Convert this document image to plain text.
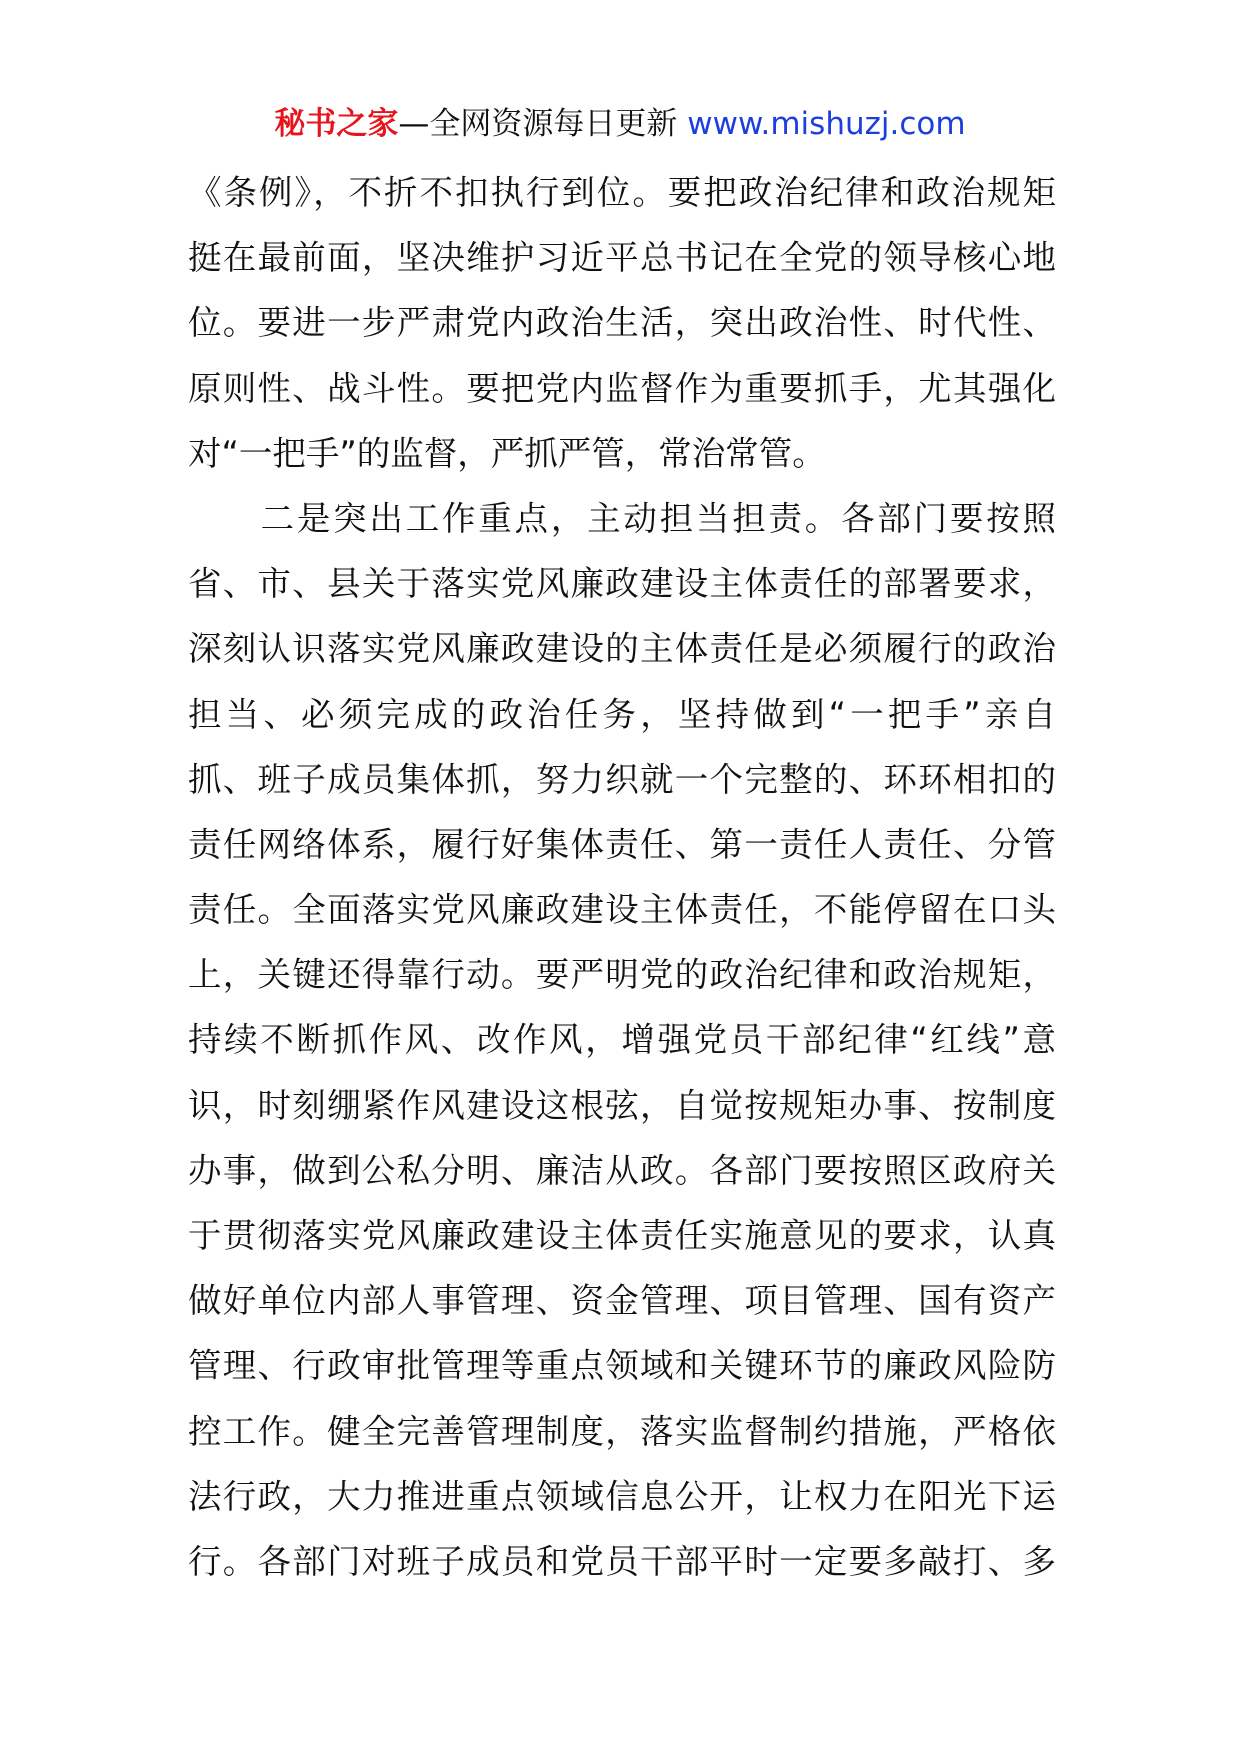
秘书之家—全网资源每日更新 www.mishuzj.com
《条例》，不折不扣执行到位。要把政治纪律和政治规矩
挺在最前面，坚决维护习近平总书记在全党的领导核心地
位。要进一步严肃党内政治生活，突出政治性、时代性、
原则性、战斗性。要把党内监督作为重要抓手，尤其强化
对“一把手”的监督，严抓严管，常治常管。
　　二是突出工作重点，主动担当担责。各部门要按照
省、市、县关于落实党风廉政建设主体责任的部署要求，
深刻认识落实党风廉政建设的主体责任是必须履行的政治
担当、必须完成的政治任务，坚持做到“一把手”亲自
抓、班子成员集体抓，努力织就一个完整的、环环相扣的
责任网络体系，履行好集体责任、第一责任人责任、分管
责任。全面落实党风廉政建设主体责任，不能停留在口头
上，关键还得靠行动。要严明党的政治纪律和政治规矩，
持续不断抓作风、改作风，增强党员干部纪律“红线”意
识，时刻绷紧作风建设这根弦，自觉按规矩办事、按制度
办事，做到公私分明、廉洁从政。各部门要按照区政府关
于贯彻落实党风廉政建设主体责任实施意见的要求，认真
做好单位内部人事管理、资金管理、项目管理、国有资产
管理、行政审批管理等重点领域和关键环节的廉政风险防
控工作。健全完善管理制度，落实监督制约措施，严格依
法行政，大力推进重点领域信息公开，让权力在阳光下运
行。各部门对班子成员和党员干部平时一定要多敲打、多
